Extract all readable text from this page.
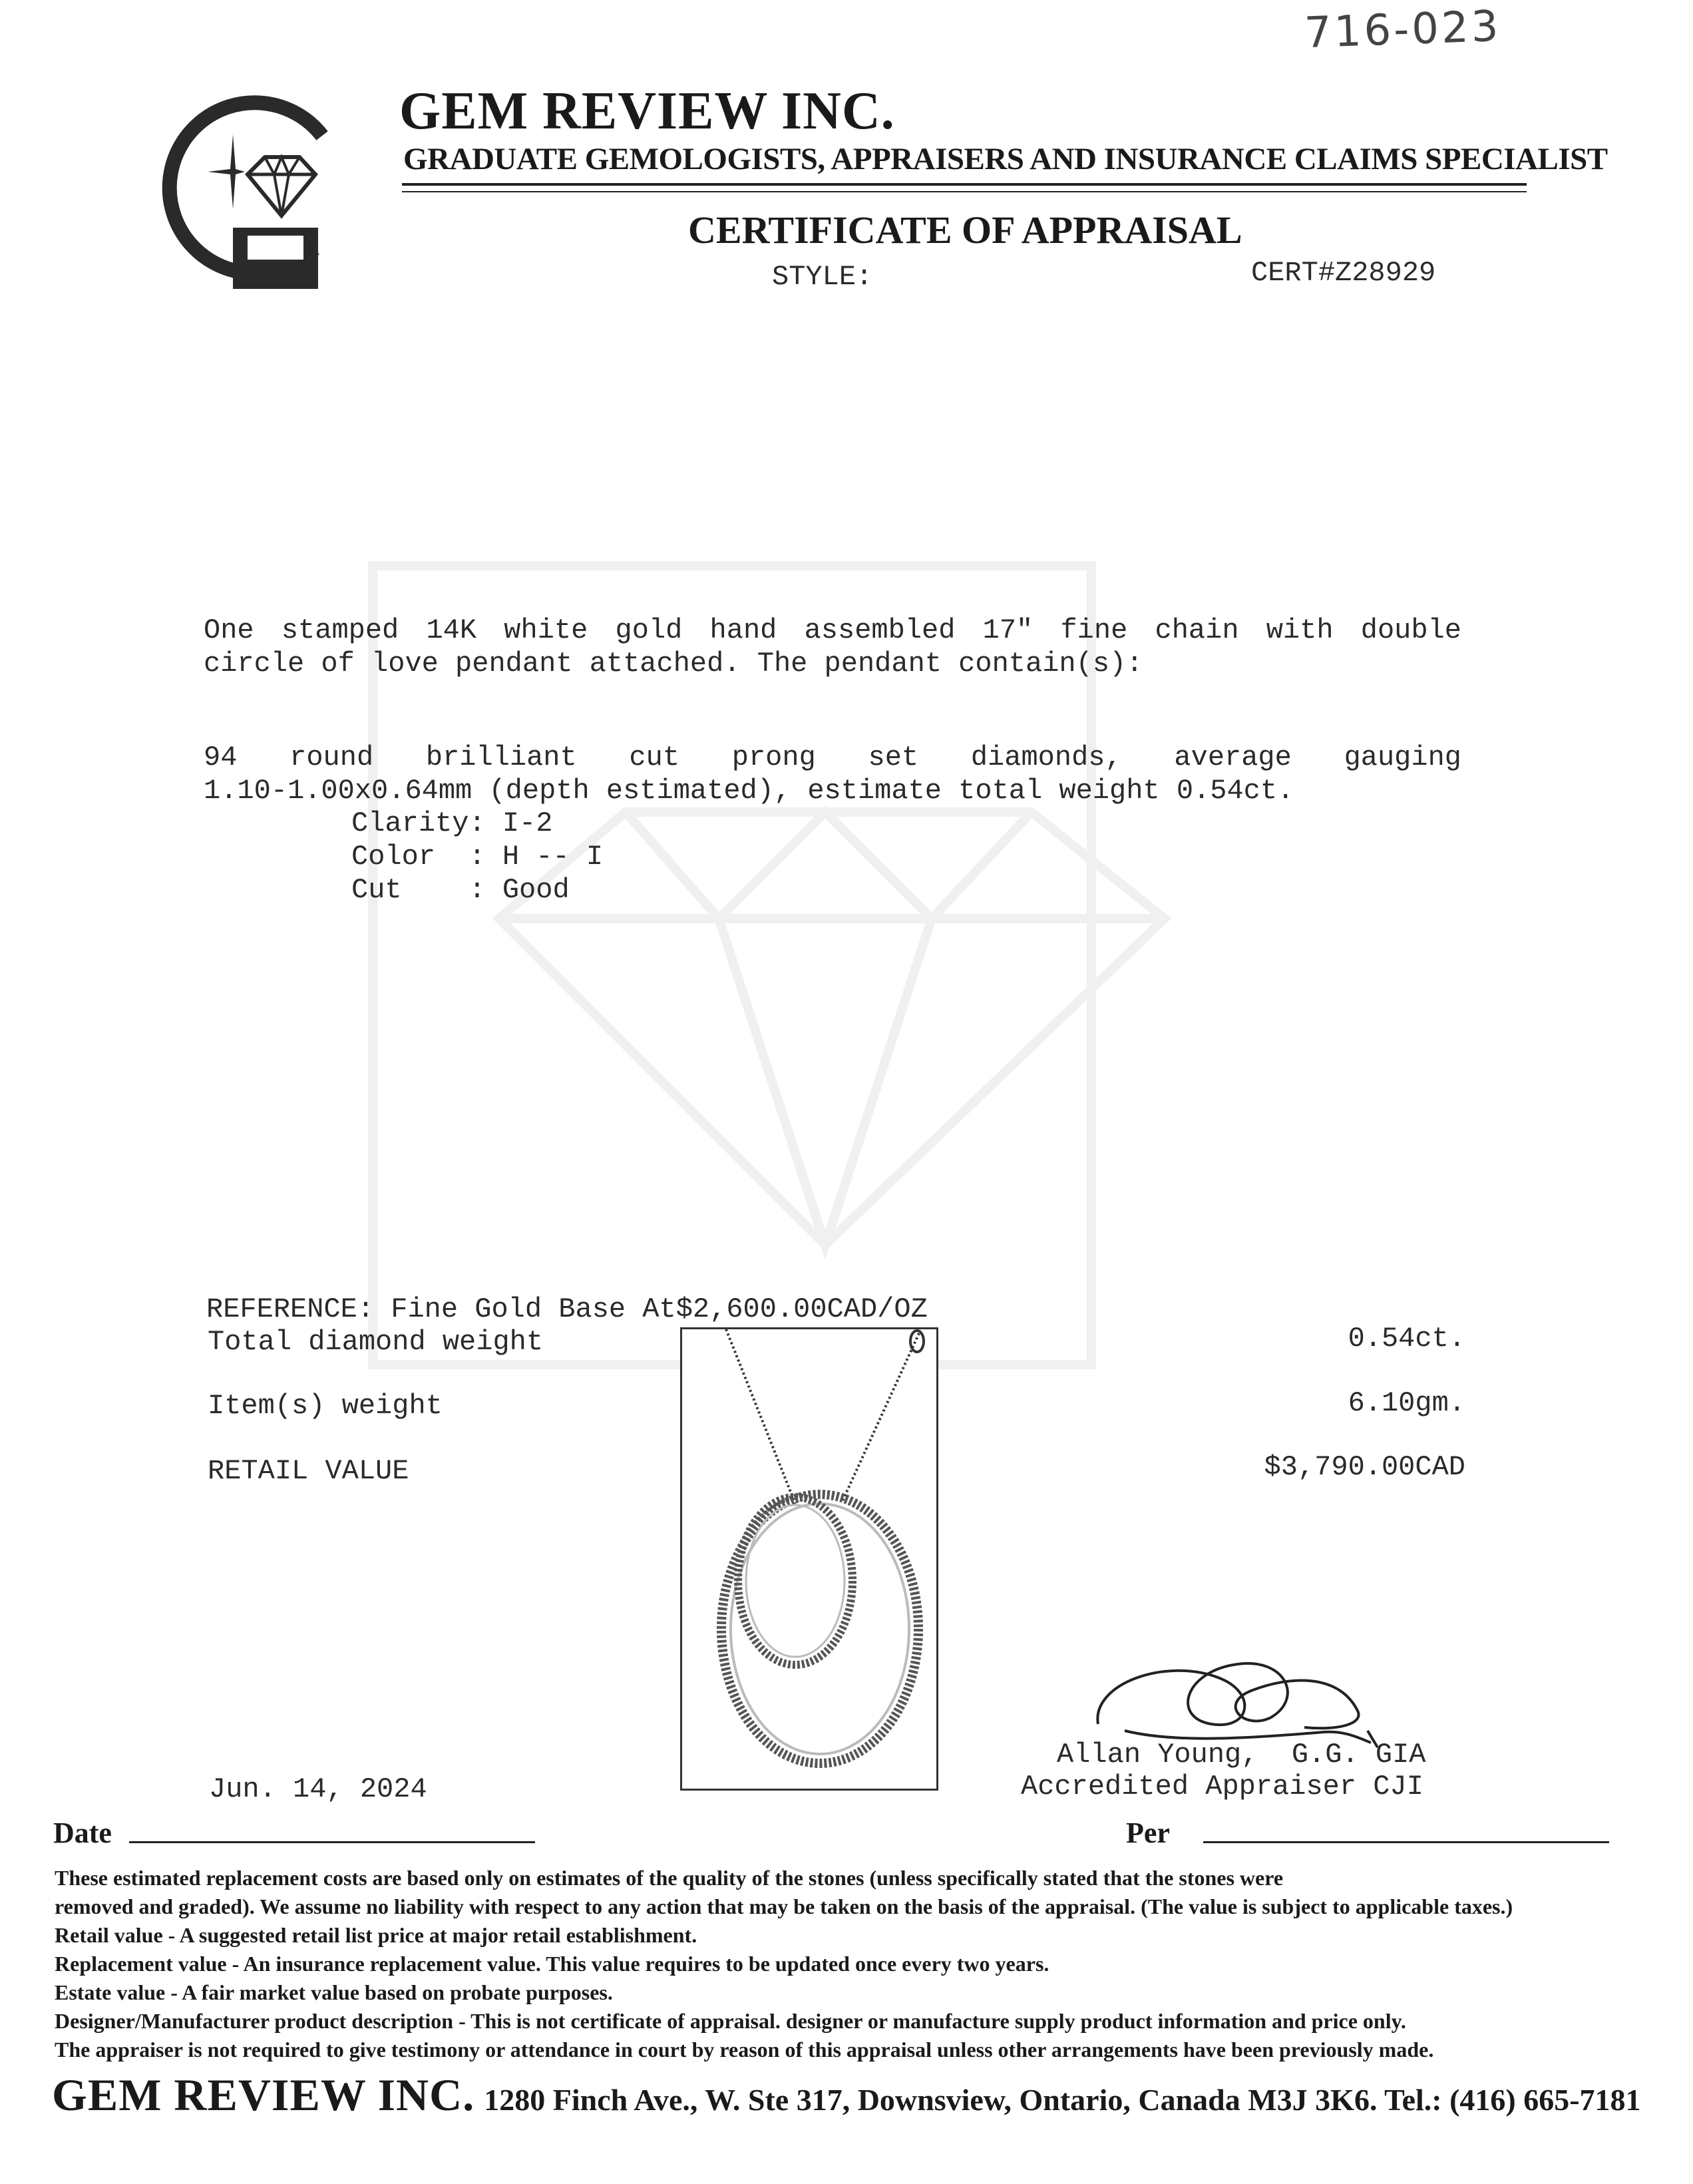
716-023
GEM REVIEW INC.
GRADUATE GEMOLOGISTS, APPRAISERS AND INSURANCE CLAIMS SPECIALIST
CERTIFICATE OF APPRAISAL
STYLE:	CERT#Z28929
One stamped 14K white gold hand assembled 17" fine chain with double
circle of love pendant attached. The pendant contain(s):
94 round brilliant cut prong set diamonds, average gauging
1.10-1.00x0.64mm (depth estimated), estimate total weight 0.54ct.
Clarity: I-2
Color  : H -- I
Cut    : Good
REFERENCE: Fine Gold Base At$2,600.00CAD/OZ
Total diamond weight	0.54ct.
Item(s) weight	6.10gm.
RETAIL VALUE	$3,790.00CAD
Allan Young,  G.G. GIA
Accredited Appraiser CJI
Jun. 14, 2024
Date	Per

These estimated replacement costs are based only on estimates of the quality of the stones (unless specifically stated that the stones were

removed and graded). We assume no liability with respect to any action that may be taken on the basis of the appraisal. (The value is subject to applicable taxes.)

Retail value - A suggested retail list price at major retail establishment.

Replacement value - An insurance replacement value. This value requires to be updated once every two years.

Estate value - A fair market value based on probate purposes.

Designer/Manufacturer product description - This is not certificate of appraisal. designer or manufacture supply product information and price only.

The appraiser is not required to give testimony or attendance in court by reason of this appraisal unless other arrangements have been previously made.

GEM REVIEW INC. 1280 Finch Ave., W. Ste 317, Downsview, Ontario, Canada M3J 3K6. Tel.: (416) 665-7181
